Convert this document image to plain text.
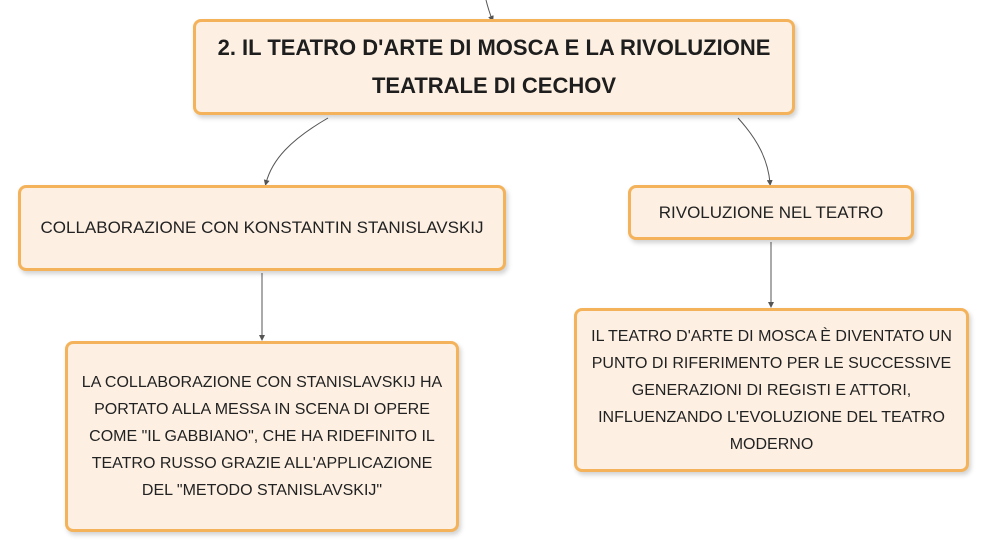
2. IL TEATRO D'ARTE DI MOSCA E LA RIVOLUZIONE TEATRALE DI CECHOV
COLLABORAZIONE CON KONSTANTIN STANISLAVSKIJ
RIVOLUZIONE NEL TEATRO
LA COLLABORAZIONE CON STANISLAVSKIJ HA PORTATO ALLA MESSA IN SCENA DI OPERE COME "IL GABBIANO", CHE HA RIDEFINITO IL TEATRO RUSSO GRAZIE ALL'APPLICAZIONE DEL "METODO STANISLAVSKIJ"
IL TEATRO D'ARTE DI MOSCA È DIVENTATO UN PUNTO DI RIFERIMENTO PER LE SUCCESSIVE GENERAZIONI DI REGISTI E ATTORI, INFLUENZANDO L'EVOLUZIONE DEL TEATRO MODERNO
